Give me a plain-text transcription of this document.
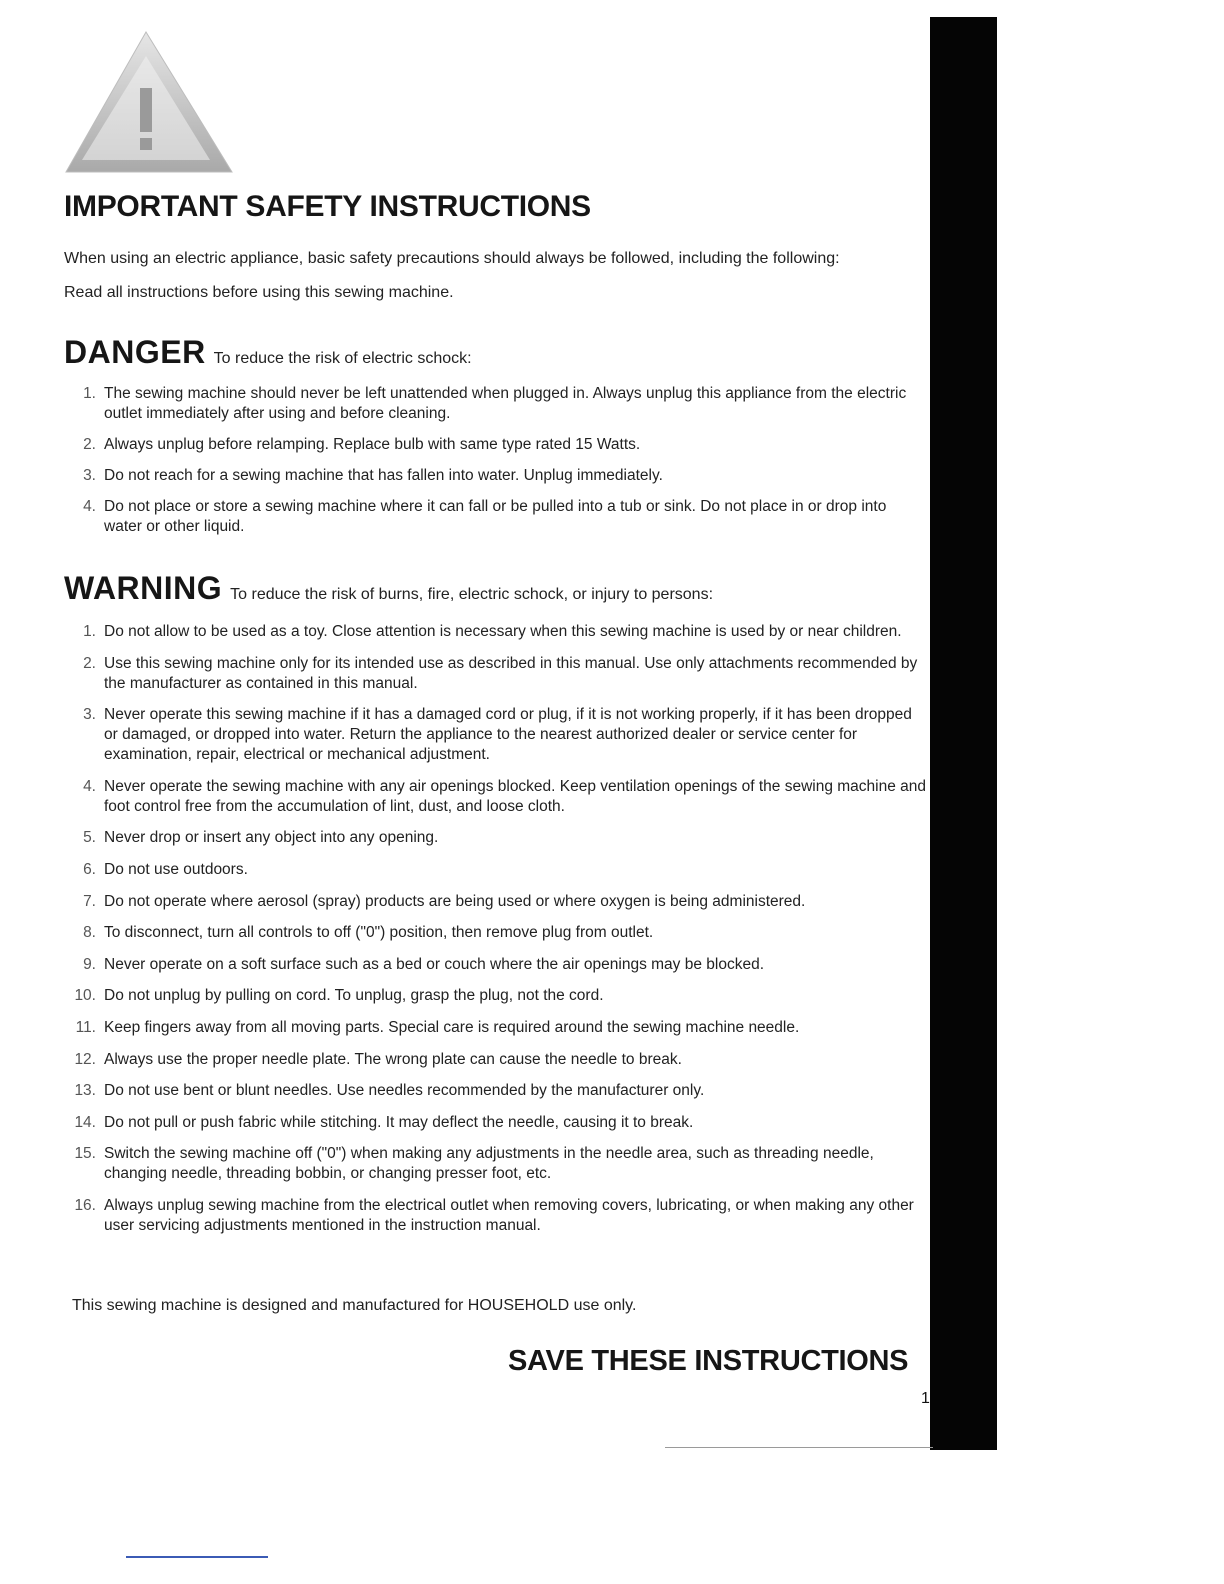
IMPORTANT SAFETY INSTRUCTIONS
When using an electric appliance, basic safety precautions should always be followed, including the following:
Read all instructions before using this sewing machine.
DANGER To reduce the risk of electric schock:
1. The sewing machine should never be left unattended when plugged in. Always unplug this appliance from the electric outlet immediately after using and before cleaning.
2. Always unplug before relamping. Replace bulb with same type rated 15 Watts.
3. Do not reach for a sewing machine that has fallen into water. Unplug immediately.
4. Do not place or store a sewing machine where it can fall or be pulled into a tub or sink. Do not place in or drop into water or other liquid.
WARNING To reduce the risk of burns, fire, electric schock, or injury to persons:
1. Do not allow to be used as a toy. Close attention is necessary when this sewing machine is used by or near children.
2. Use this sewing machine only for its intended use as described in this manual. Use only attachments recommended by the manufacturer as contained in this manual.
3. Never operate this sewing machine if it has a damaged cord or plug, if it is not working properly, if it has been dropped or damaged, or dropped into water. Return the appliance to the nearest authorized dealer or service center for examination, repair, electrical or mechanical adjustment.
4. Never operate the sewing machine with any air openings blocked. Keep ventilation openings of the sewing machine and foot control free from the accumulation of lint, dust, and loose cloth.
5. Never drop or insert any object into any opening.
6. Do not use outdoors.
7. Do not operate where aerosol (spray) products are being used or where oxygen is being administered.
8. To disconnect, turn all controls to off ("0") position, then remove plug from outlet.
9. Never operate on a soft surface such as a bed or couch where the air openings may be blocked.
10. Do not unplug by pulling on cord. To unplug, grasp the plug, not the cord.
11. Keep fingers away from all moving parts. Special care is required around the sewing machine needle.
12. Always use the proper needle plate. The wrong plate can cause the needle to break.
13. Do not use bent or blunt needles. Use needles recommended by the manufacturer only.
14. Do not pull or push fabric while stitching. It may deflect the needle, causing it to break.
15. Switch the sewing machine off ("0") when making any adjustments in the needle area, such as threading needle, changing needle, threading bobbin, or changing presser foot, etc.
16. Always unplug sewing machine from the electrical outlet when removing covers, lubricating, or when making any other user servicing adjustments mentioned in the instruction manual.
This sewing machine is designed and manufactured for HOUSEHOLD use only.
SAVE THESE INSTRUCTIONS
1
